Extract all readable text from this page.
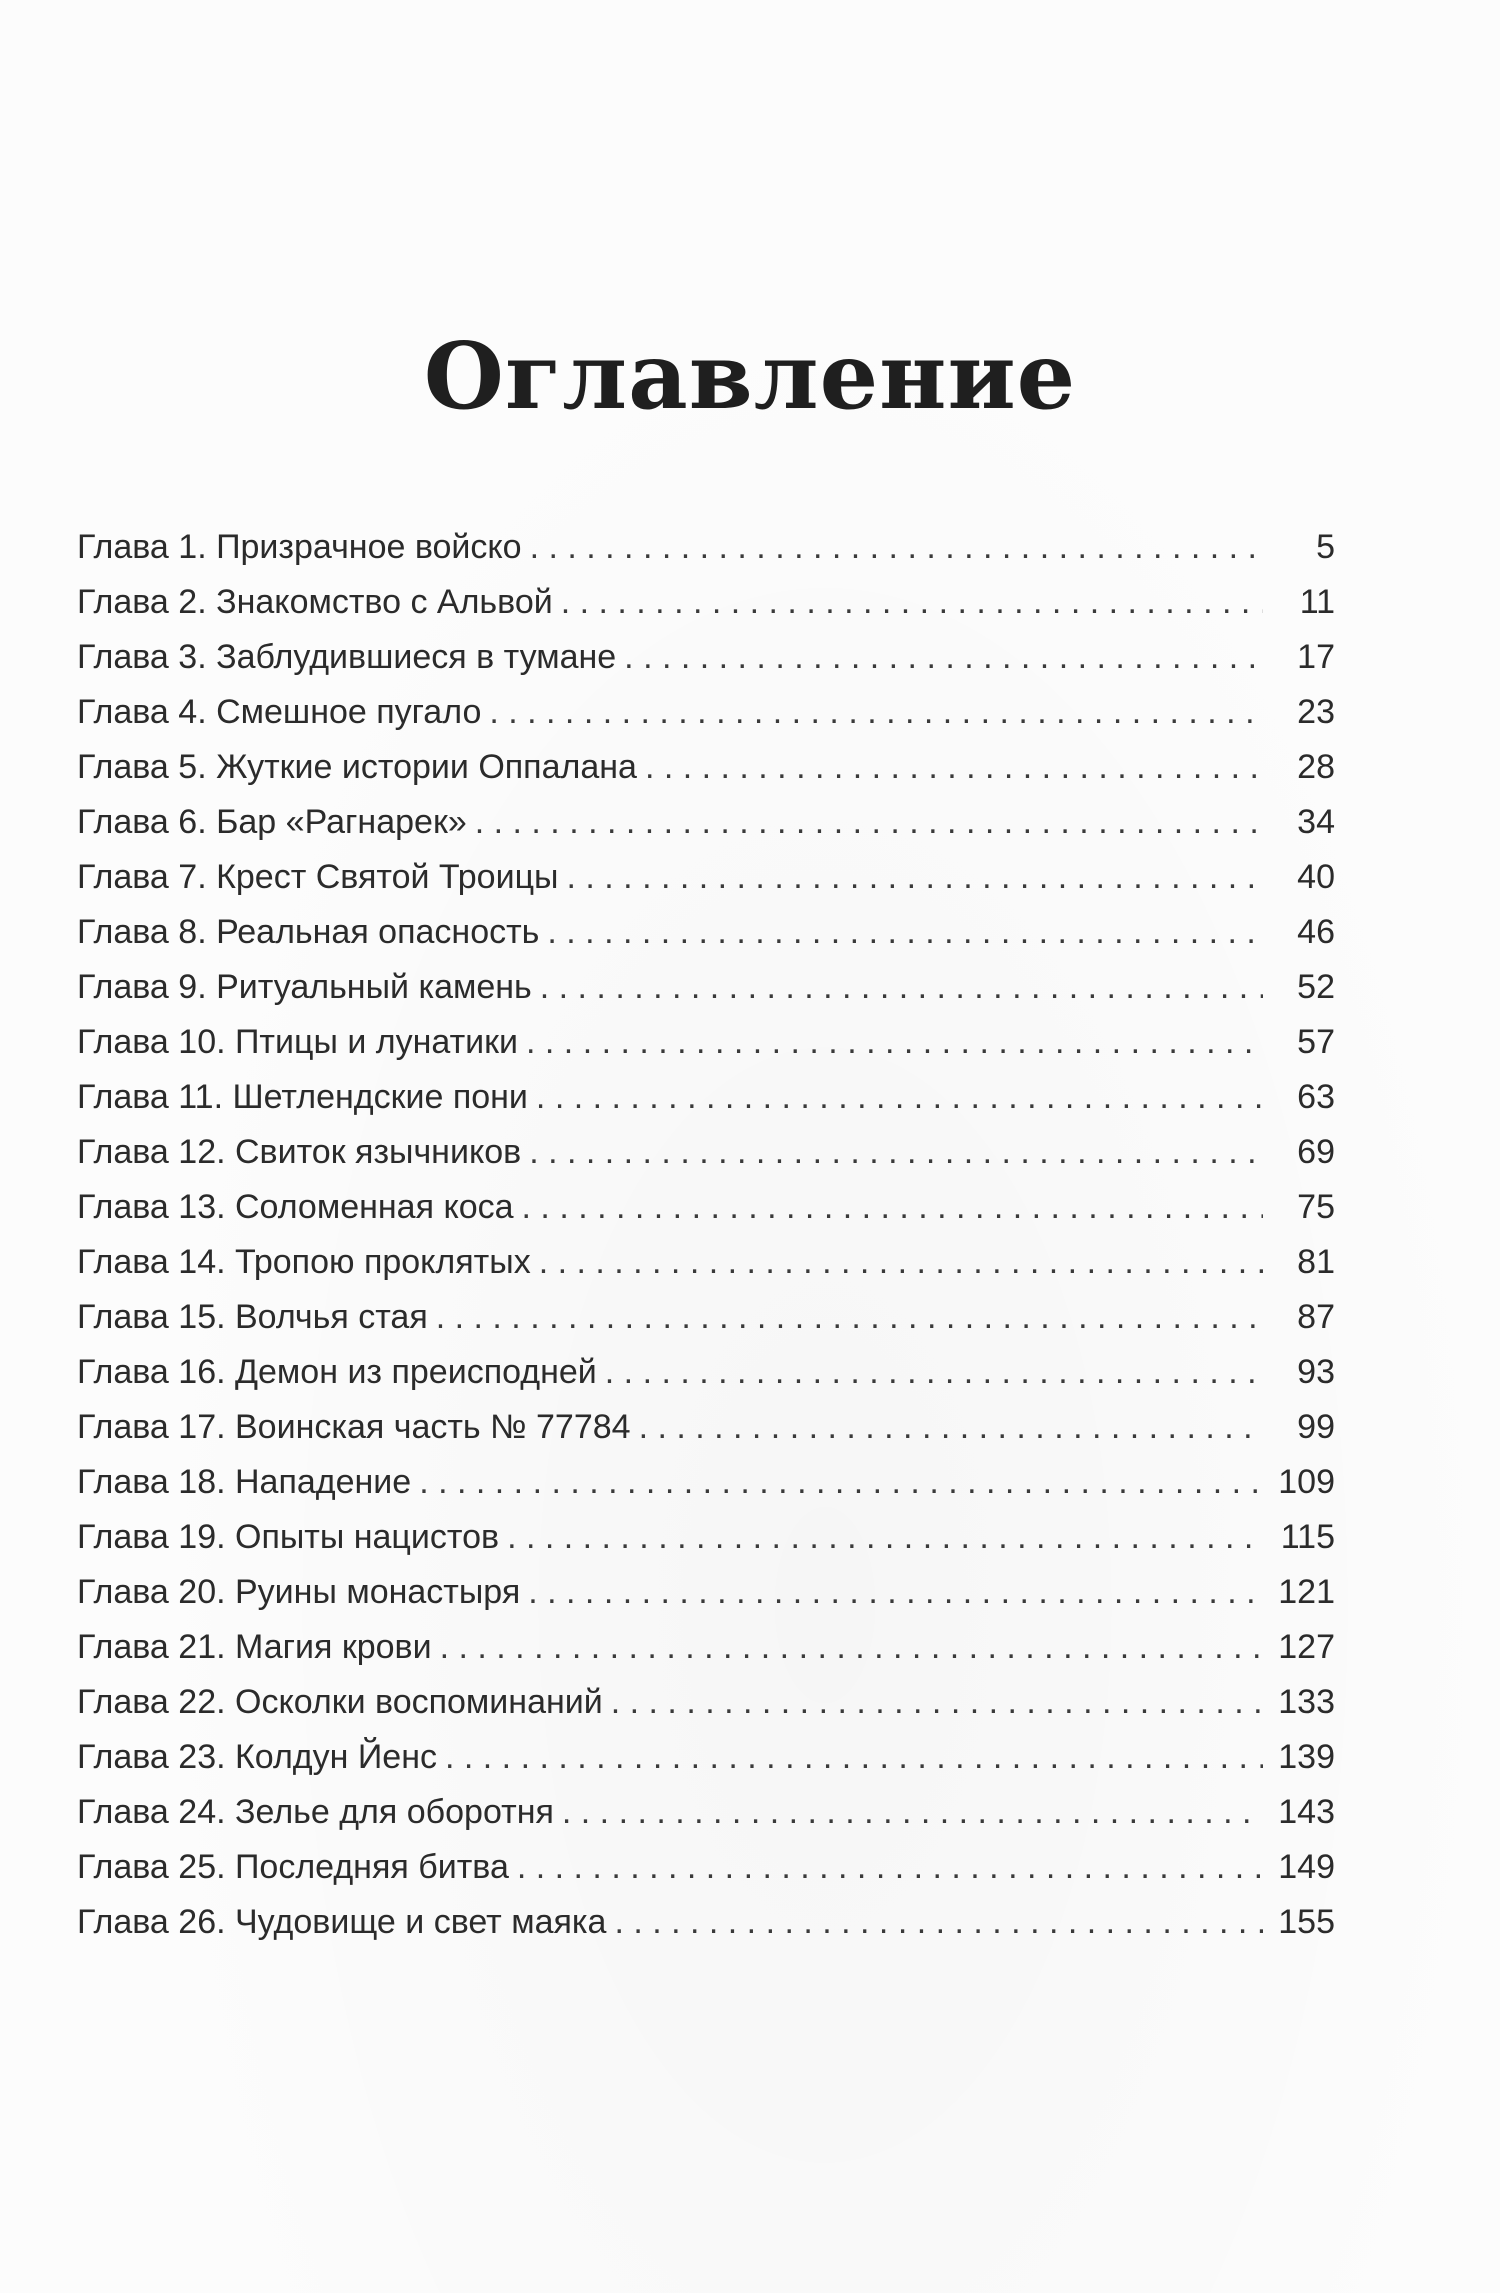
Оглавление
Глава 1. Призрачное войско . . .	5
Глава 2. Знакомство с Альвой . . .	11
Глава 3. Заблудившиеся в тумане . . .	17
Глава 4. Смешное пугало . . .	23
Глава 5. Жуткие истории Оппалана . . .	28
Глава 6. Бар «Рагнарек» . . .	34
Глава 7. Крест Святой Троицы . . .	40
Глава 8. Реальная опасность . . .	46
Глава 9. Ритуальный камень . . .	52
Глава 10. Птицы и лунатики . . .	57
Глава 11. Шетлендские пони . . .	63
Глава 12. Свиток язычников . . .	69
Глава 13. Соломенная коса . . .	75
Глава 14. Тропою проклятых . . .	81
Глава 15. Волчья стая . . .	87
Глава 16. Демон из преисподней . . .	93
Глава 17. Воинская часть № 77784 . . .	99
Глава 18. Нападение . . .	109
Глава 19. Опыты нацистов . . .	115
Глава 20. Руины монастыря . . .	121
Глава 21. Магия крови . . .	127
Глава 22. Осколки воспоминаний . . .	133
Глава 23. Колдун Йенс . . .	139
Глава 24. Зелье для оборотня . . .	143
Глава 25. Последняя битва . . .	149
Глава 26. Чудовище и свет маяка . . .	155
